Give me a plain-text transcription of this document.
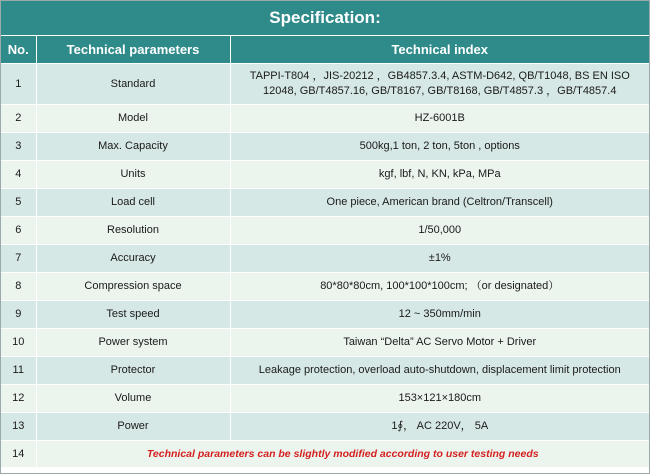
Specification:
No.	Technical parameters	Technical index
1	Standard	TAPPI-T804 ，JIS-20212 ，GB4857.3.4, ASTM-D642, QB/T1048, BS EN ISO 12048, GB/T4857.16, GB/T8167, GB/T8168, GB/T4857.3 ，GB/T4857.4
2	Model	HZ-6001B
3	Max. Capacity	500kg,1 ton, 2 ton, 5ton , options
4	Units	kgf, lbf, N, KN, kPa, MPa
5	Load cell	One piece, American brand (Celtron/Transcell)
6	Resolution	1/50,000
7	Accuracy	±1%
8	Compression space	80*80*80cm, 100*100*100cm; （or designated）
9	Test speed	12 ~ 350mm/min
10	Power system	Taiwan “Delta” AC Servo Motor + Driver
11	Protector	Leakage protection, overload auto-shutdown, displacement limit protection
12	Volume	153×121×180cm
13	Power	1∮， AC 220V， 5A
14	Technical parameters can be slightly modified according to user testing needs	
